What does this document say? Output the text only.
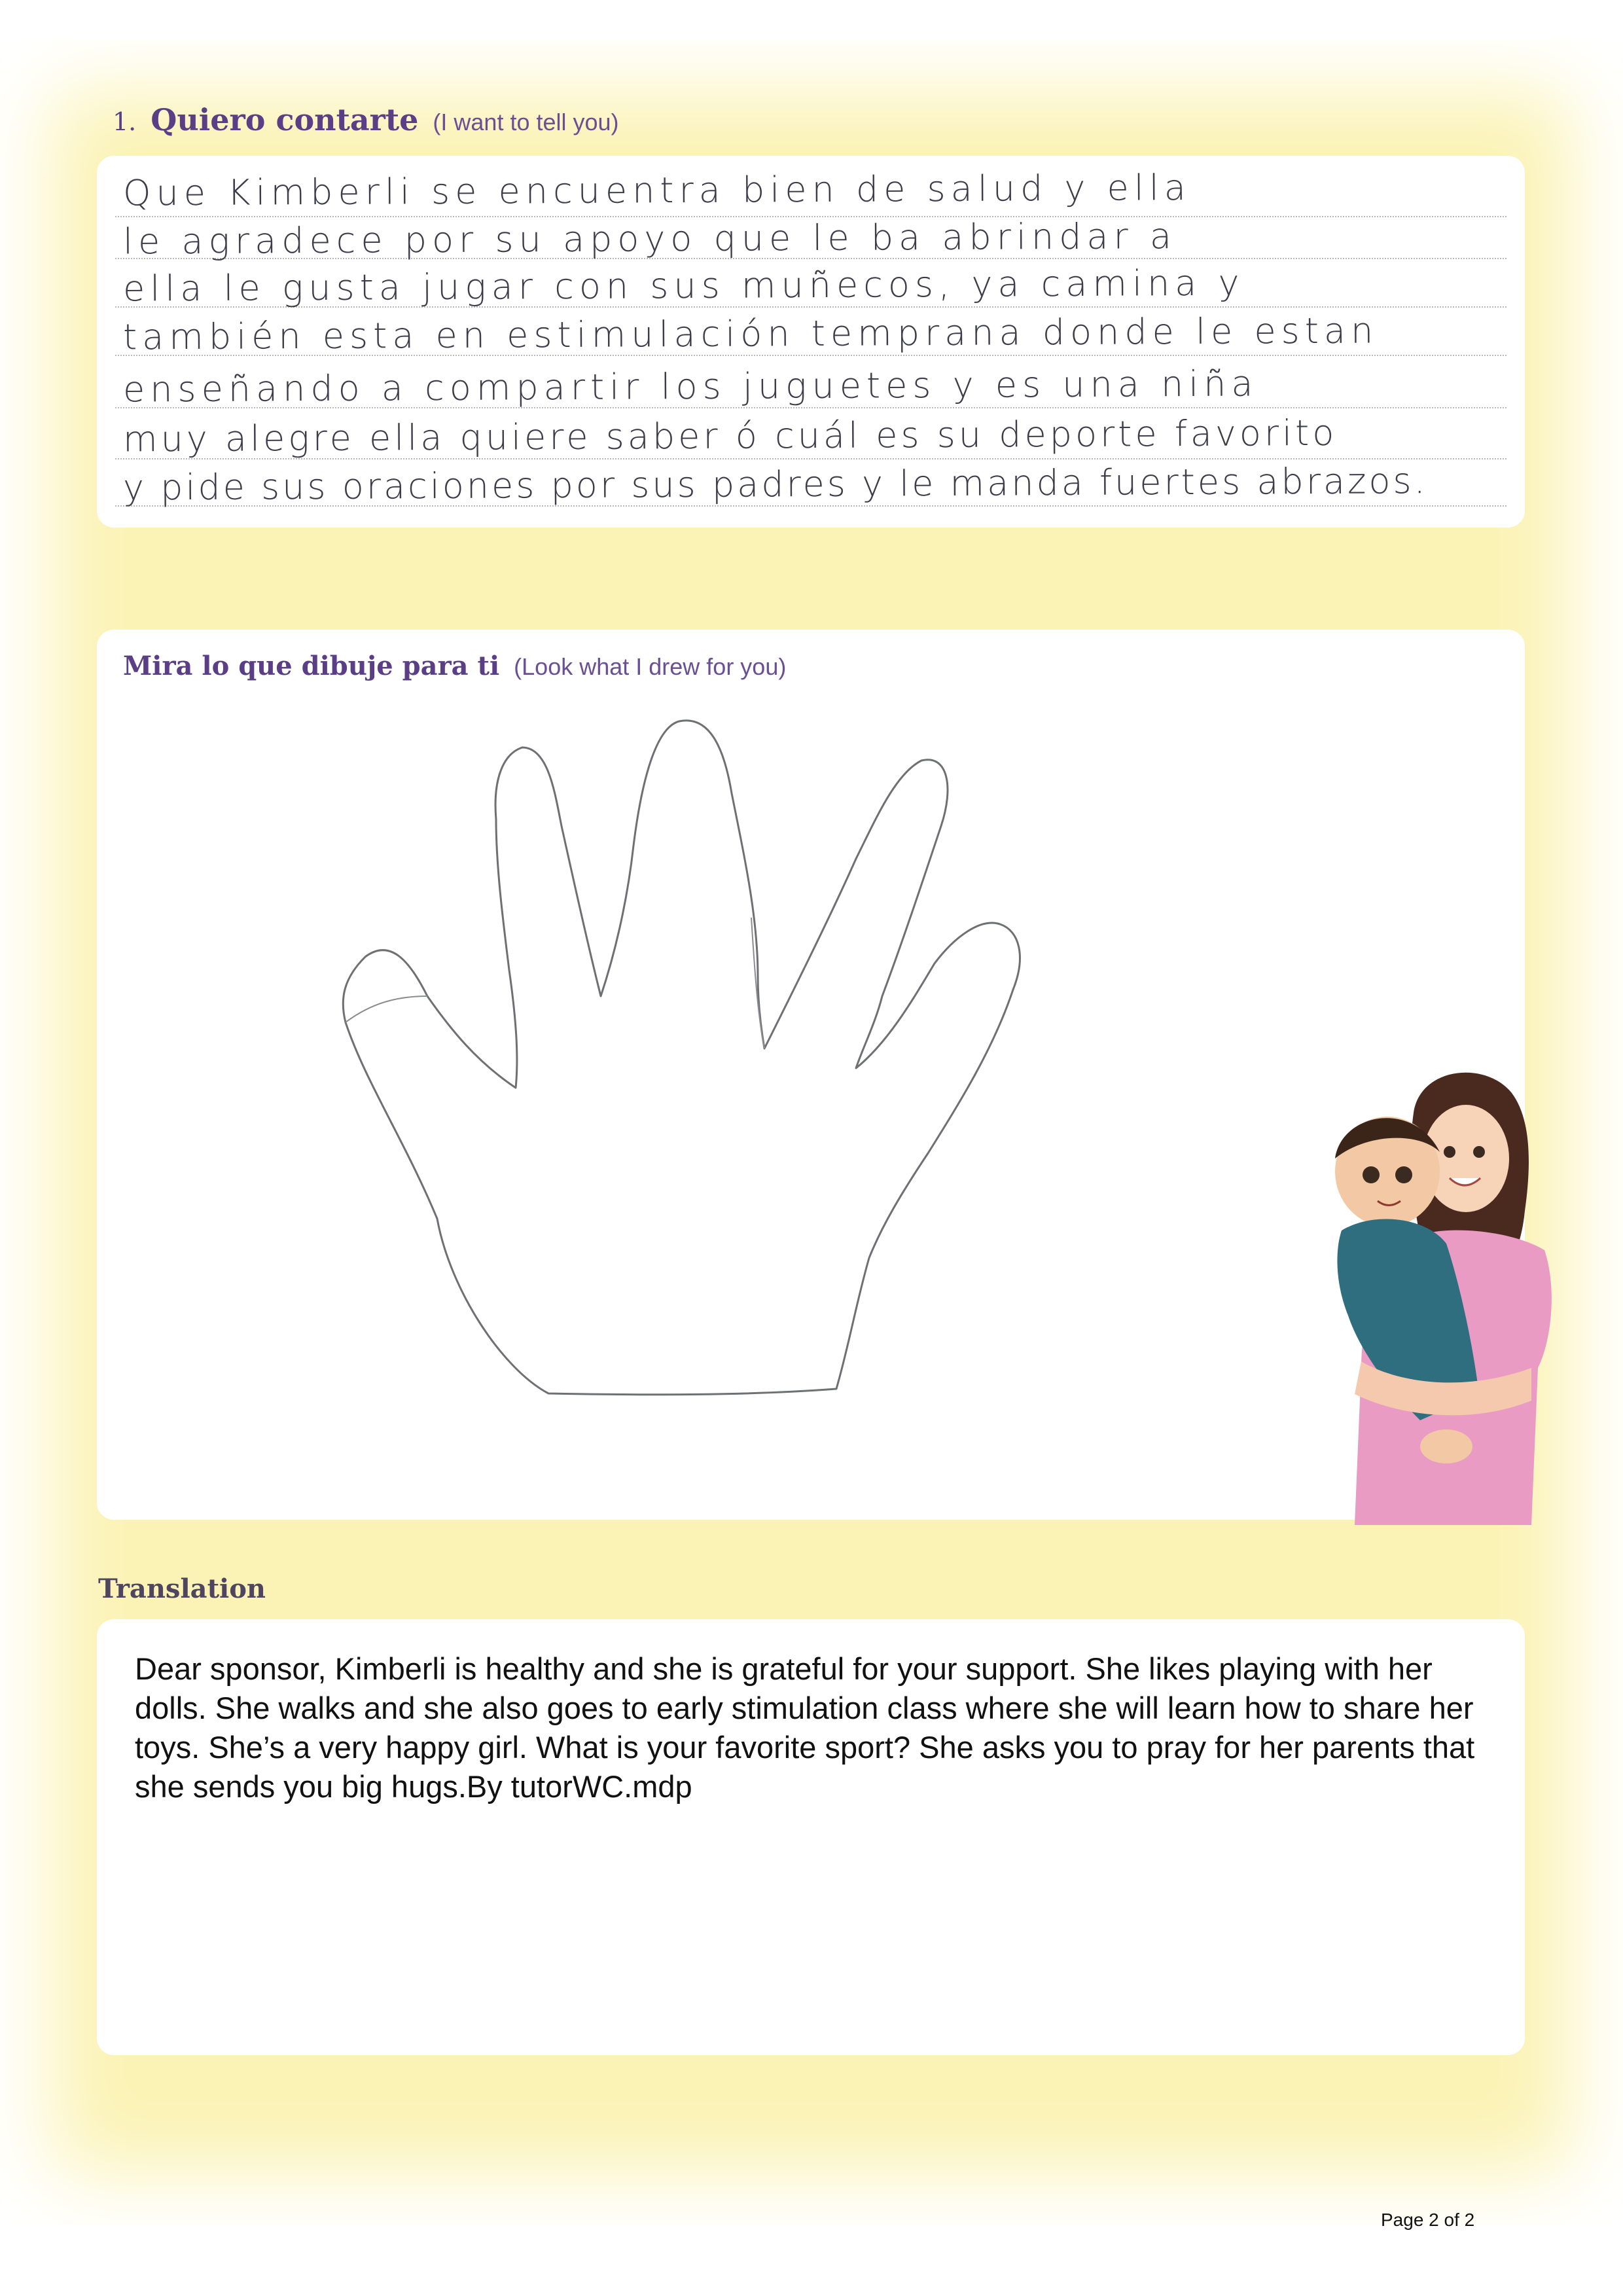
1. Quiero contarte (I want to tell you)
Que Kimberli se encuentra bien de salud y ella
le agradece por su apoyo que le ba abrindar a
ella le gusta jugar con sus muñecos, ya camina y
también esta en estimulación temprana donde le estan
enseñando a compartir los juguetes y es una niña
muy alegre ella quiere saber ó cuál es su deporte favorito
y pide sus oraciones por sus padres y le manda fuertes abrazos.
Mira lo que dibuje para ti (Look what I drew for you)
Translation
Dear sponsor, Kimberli is healthy and she is grateful for your support. She likes playing with her dolls. She walks and she also goes to early stimulation class where she will learn how to share her toys. She’s a very happy girl. What is your favorite sport? She asks you to pray for her parents that she sends you big hugs.By tutorWC.mdp
Page 2 of 2
